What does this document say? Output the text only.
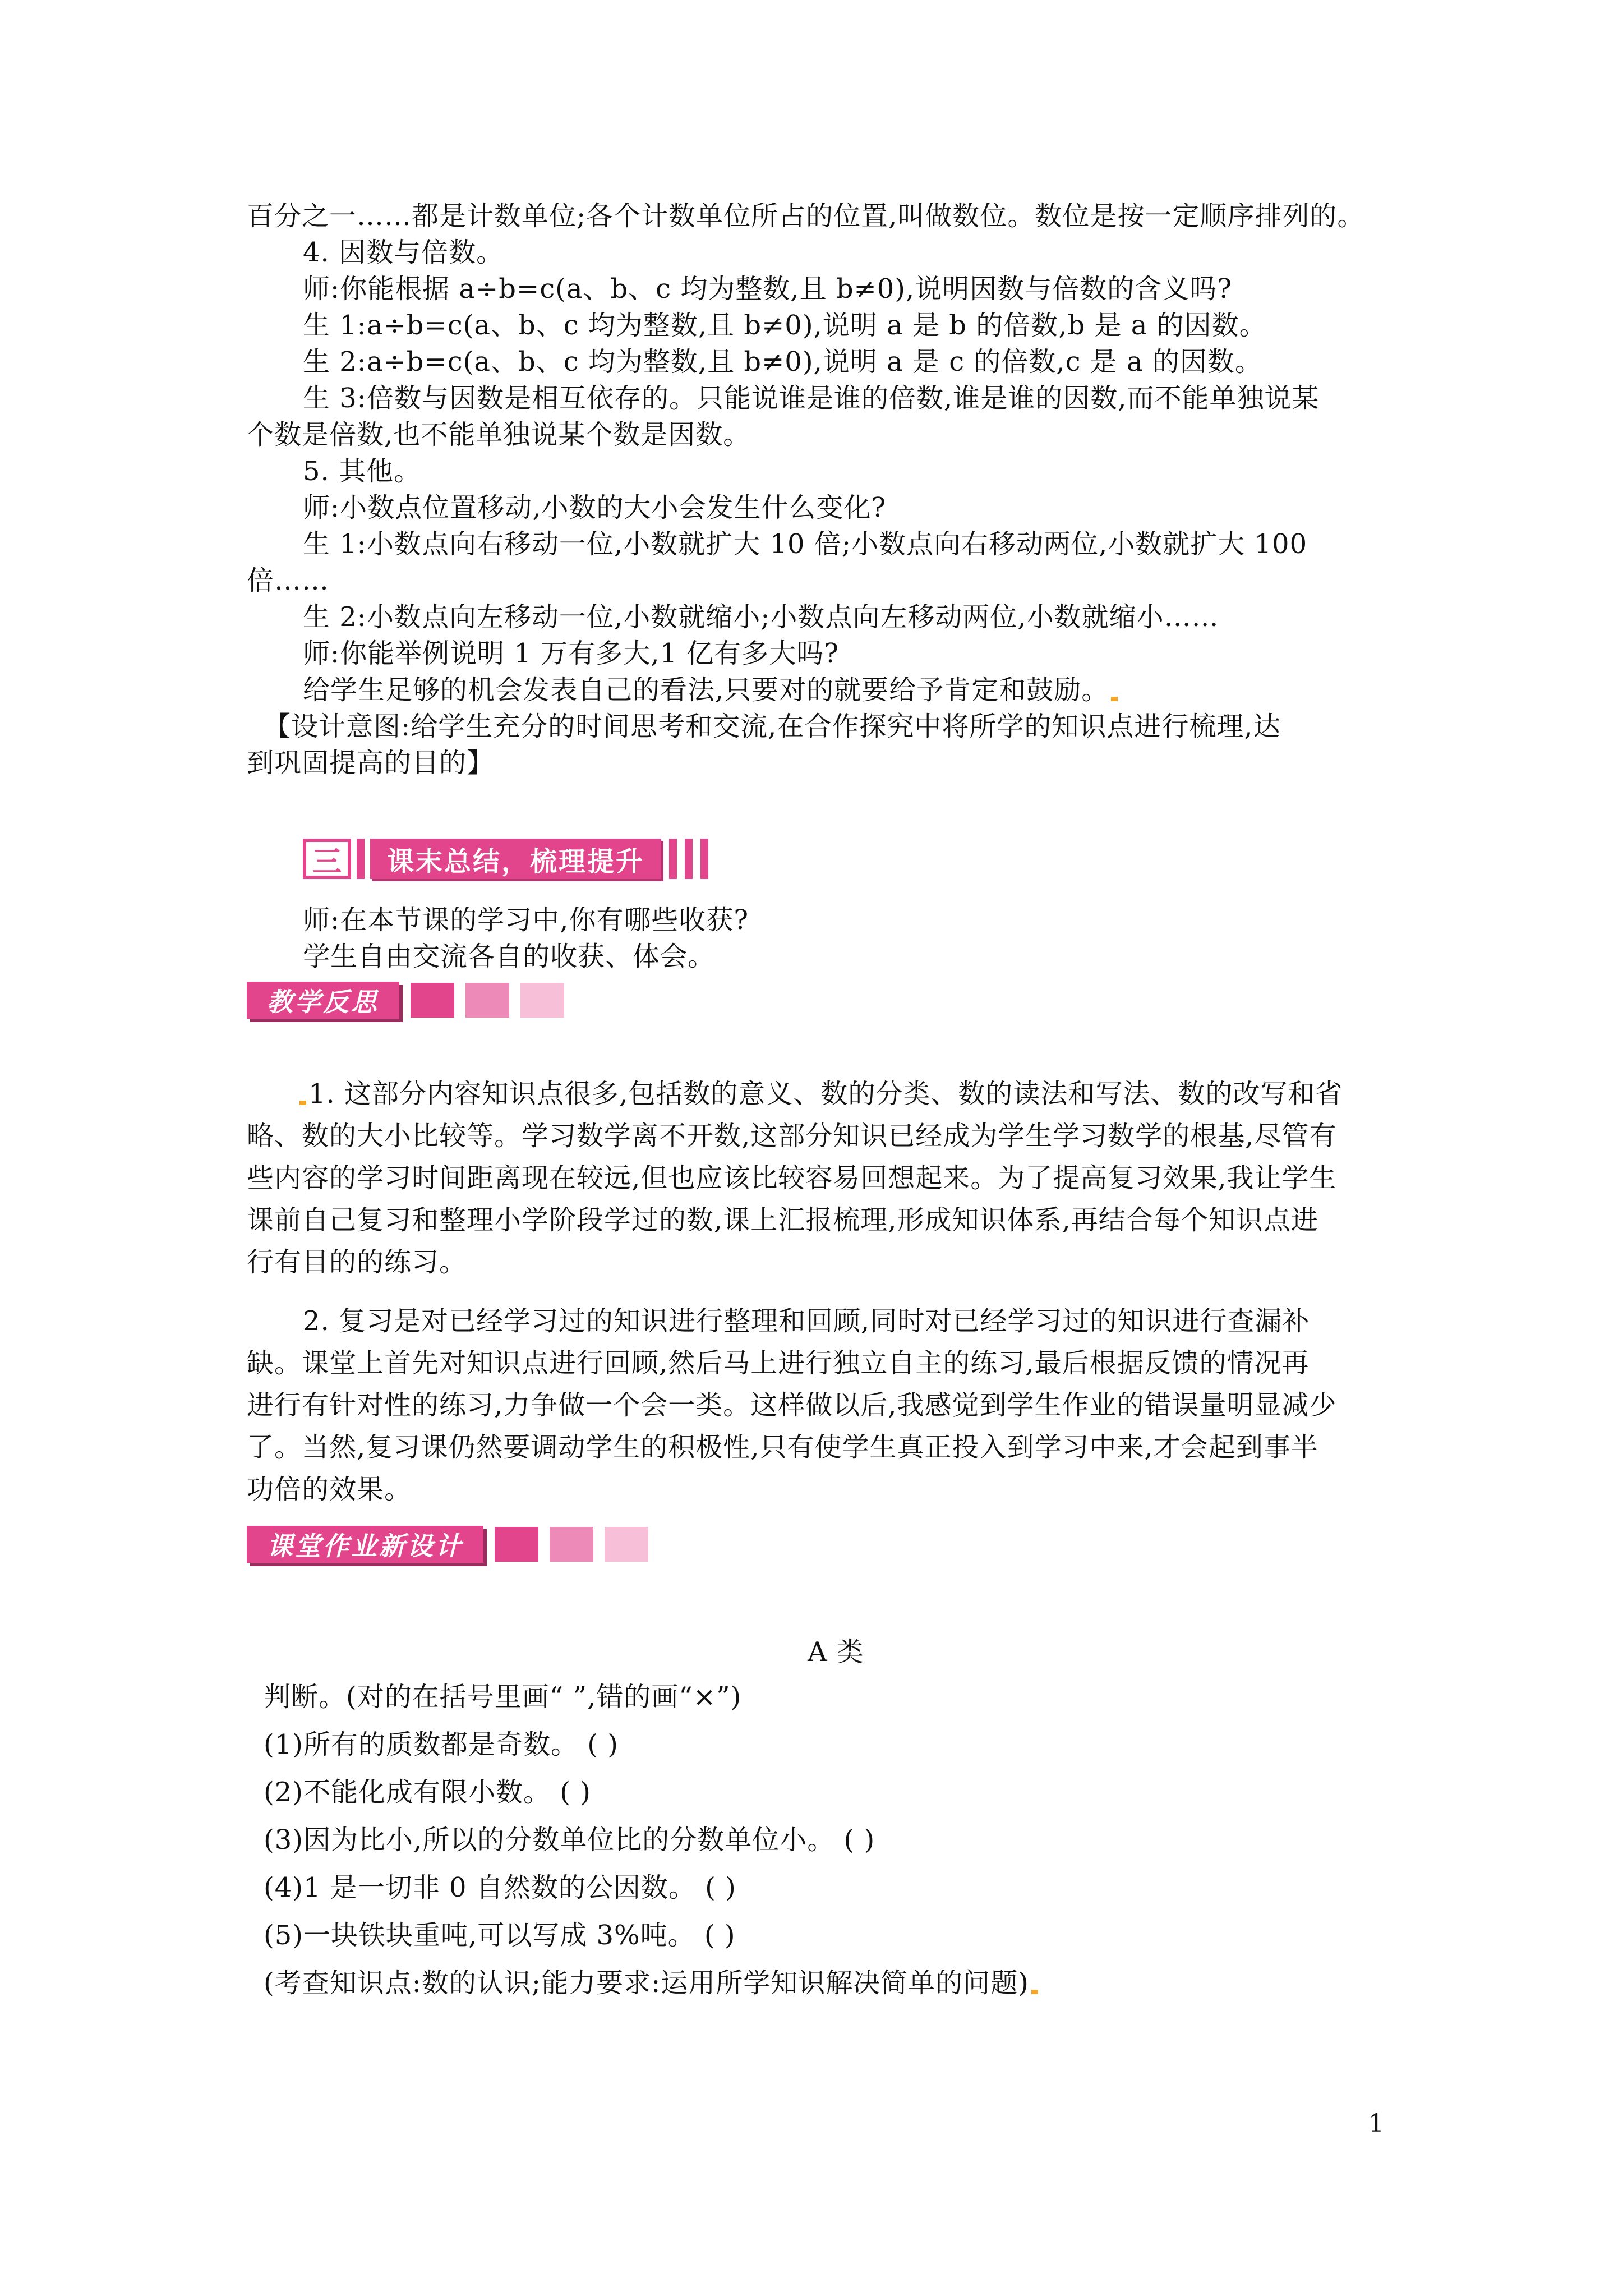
百分之一……都是计数单位;各个计数单位所占的位置,叫做数位。数位是按一定顺序排列的。
4. 因数与倍数。
师:你能根据 a÷b=c(a、b、c 均为整数,且 b≠0),说明因数与倍数的含义吗?
生 1:a÷b=c(a、b、c 均为整数,且 b≠0),说明 a 是 b 的倍数,b 是 a 的因数。
生 2:a÷b=c(a、b、c 均为整数,且 b≠0),说明 a 是 c 的倍数,c 是 a 的因数。
生 3:倍数与因数是相互依存的。只能说谁是谁的倍数,谁是谁的因数,而不能单独说某
个数是倍数,也不能单独说某个数是因数。
5. 其他。
师:小数点位置移动,小数的大小会发生什么变化?
生 1:小数点向右移动一位,小数就扩大 10 倍;小数点向右移动两位,小数就扩大 100
倍……
生 2:小数点向左移动一位,小数就缩小;小数点向左移动两位,小数就缩小……
师:你能举例说明 1 万有多大,1 亿有多大吗?
给学生足够的机会发表自己的看法,只要对的就要给予肯定和鼓励。
【设计意图:给学生充分的时间思考和交流,在合作探究中将所学的知识点进行梳理,达
到巩固提高的目的】
三	课末总结，梳理提升
师:在本节课的学习中,你有哪些收获?
学生自由交流各自的收获、体会。
教学反思
1. 这部分内容知识点很多,包括数的意义、数的分类、数的读法和写法、数的改写和省
略、数的大小比较等。学习数学离不开数,这部分知识已经成为学生学习数学的根基,尽管有
些内容的学习时间距离现在较远,但也应该比较容易回想起来。为了提高复习效果,我让学生
课前自己复习和整理小学阶段学过的数,课上汇报梳理,形成知识体系,再结合每个知识点进
行有目的的练习。
2. 复习是对已经学习过的知识进行整理和回顾,同时对已经学习过的知识进行查漏补
缺。课堂上首先对知识点进行回顾,然后马上进行独立自主的练习,最后根据反馈的情况再
进行有针对性的练习,力争做一个会一类。这样做以后,我感觉到学生作业的错误量明显减少
了。当然,复习课仍然要调动学生的积极性,只有使学生真正投入到学习中来,才会起到事半
功倍的效果。
课堂作业新设计
A 类
判断。(对的在括号里画“ ”,错的画“×”)
(1)所有的质数都是奇数。 ( )
(2)不能化成有限小数。 ( )
(3)因为比小,所以的分数单位比的分数单位小。 ( )
(4)1 是一切非 0 自然数的公因数。 ( )
(5)一块铁块重吨,可以写成 3%吨。 ( )
(考查知识点:数的认识;能力要求:运用所学知识解决简单的问题)
1
